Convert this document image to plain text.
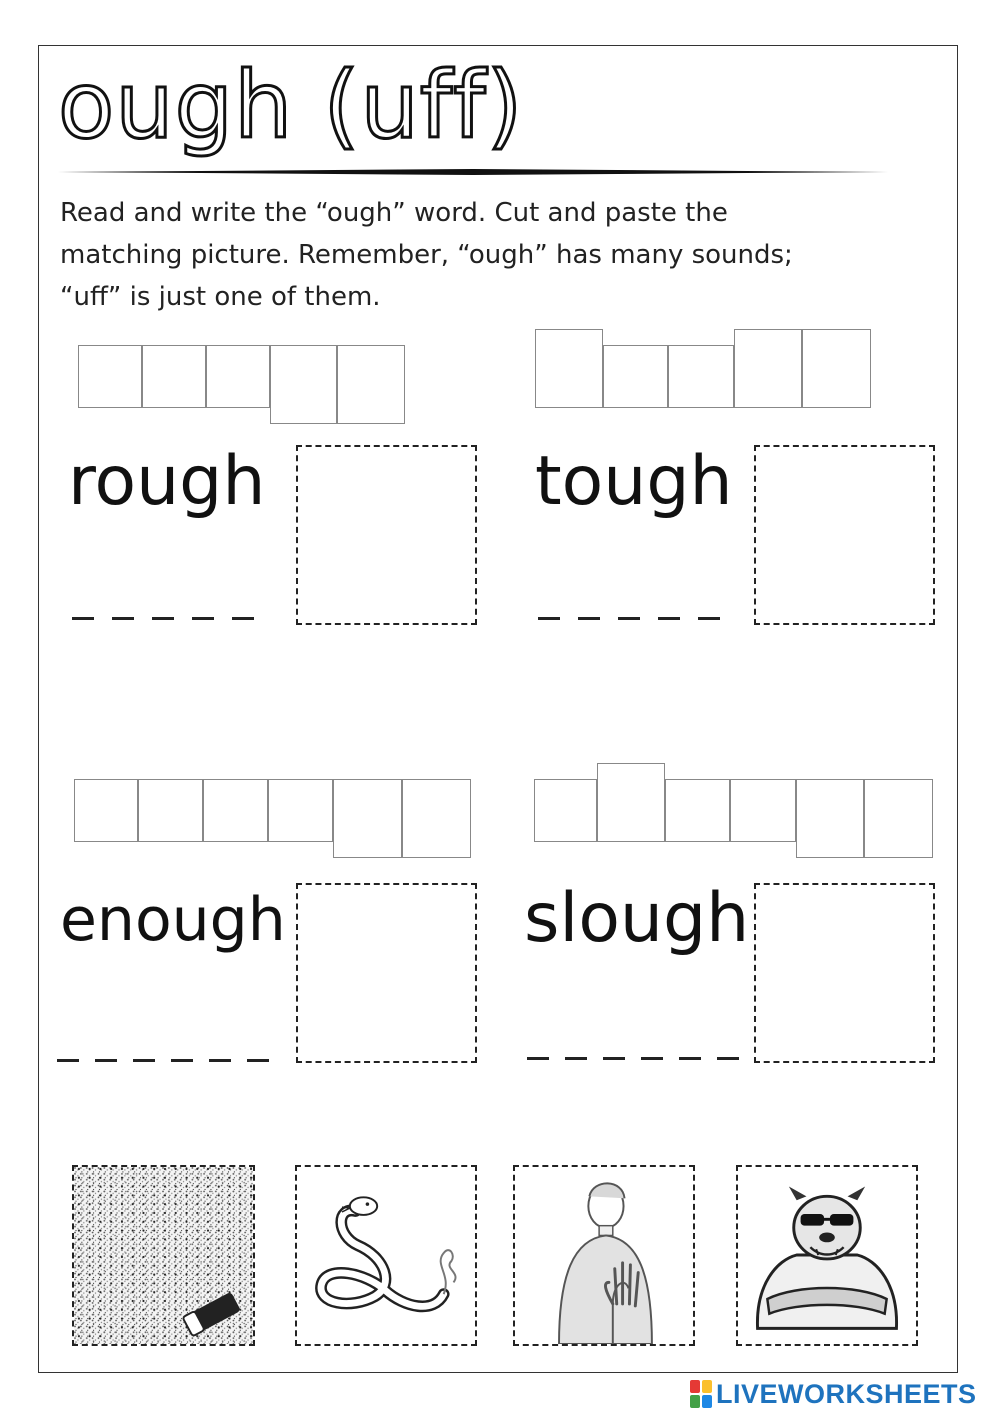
ough (uff)
Read and write the “ough” word. Cut and paste the
matching picture. Remember, “ough” has many sounds;
“uff” is just one of them.
rough	tough
enough	slough
LIVEWORKSHEETS
